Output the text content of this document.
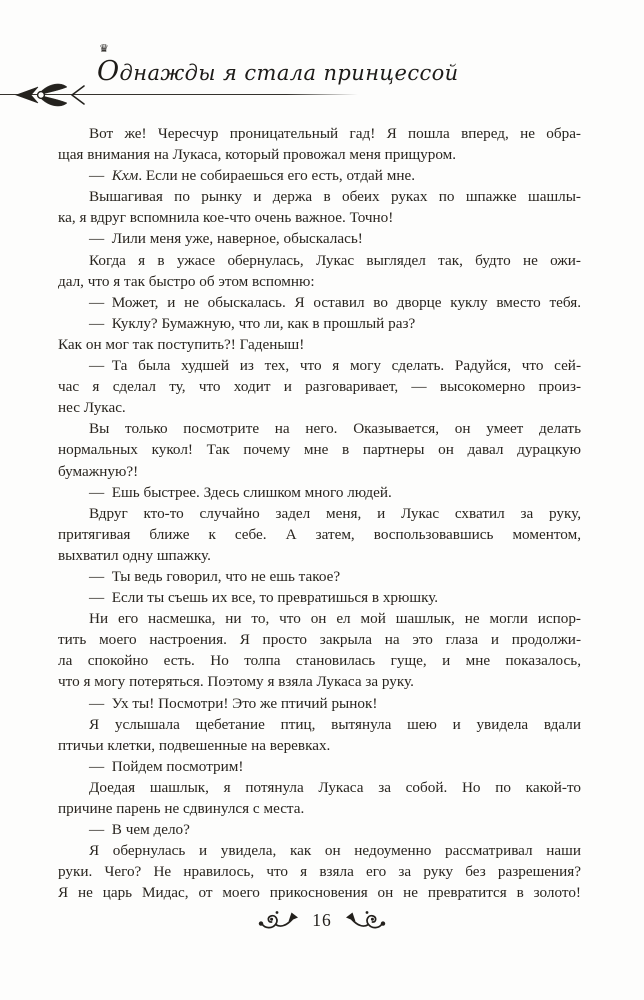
♛
Однажды я стала принцессой
Вот же! Чересчур проницательный гад! Я пошла вперед, не обра-
щая внимания на Лукаса, который провожал меня прищуром.
— Кхм. Если не собираешься его есть, отдай мне.
Вышагивая по рынку и держа в обеих руках по шпажке шашлы-
ка, я вдруг вспомнила кое-что очень важное. Точно!
— Лили меня уже, наверное, обыскалась!
Когда я в ужасе обернулась, Лукас выглядел так, будто не ожи-
дал, что я так быстро об этом вспомню:
— Может, и не обыскалась. Я оставил во дворце куклу вместо тебя.
— Куклу? Бумажную, что ли, как в прошлый раз?
Как он мог так поступить?! Гаденыш!
— Та была худшей из тех, что я могу сделать. Радуйся, что сей-
час я сделал ту, что ходит и разговаривает, — высокомерно произ-
нес Лукас.
Вы только посмотрите на него. Оказывается, он умеет делать
нормальных кукол! Так почему мне в партнеры он давал дурацкую
бумажную?!
— Ешь быстрее. Здесь слишком много людей.
Вдруг кто-то случайно задел меня, и Лукас схватил за руку,
притягивая ближе к себе. А затем, воспользовавшись моментом,
выхватил одну шпажку.
— Ты ведь говорил, что не ешь такое?
— Если ты съешь их все, то превратишься в хрюшку.
Ни его насмешка, ни то, что он ел мой шашлык, не могли испор-
тить моего настроения. Я просто закрыла на это глаза и продолжи-
ла спокойно есть. Но толпа становилась гуще, и мне показалось,
что я могу потеряться. Поэтому я взяла Лукаса за руку.
— Ух ты! Посмотри! Это же птичий рынок!
Я услышала щебетание птиц, вытянула шею и увидела вдали
птичьи клетки, подвешенные на веревках.
— Пойдем посмотрим!
Доедая шашлык, я потянула Лукаса за собой. Но по какой-то
причине парень не сдвинулся с места.
— В чем дело?
Я обернулась и увидела, как он недоуменно рассматривал наши
руки. Чего? Не нравилось, что я взяла его за руку без разрешения?
Я не царь Мидас, от моего прикосновения он не превратится в золото!
16
